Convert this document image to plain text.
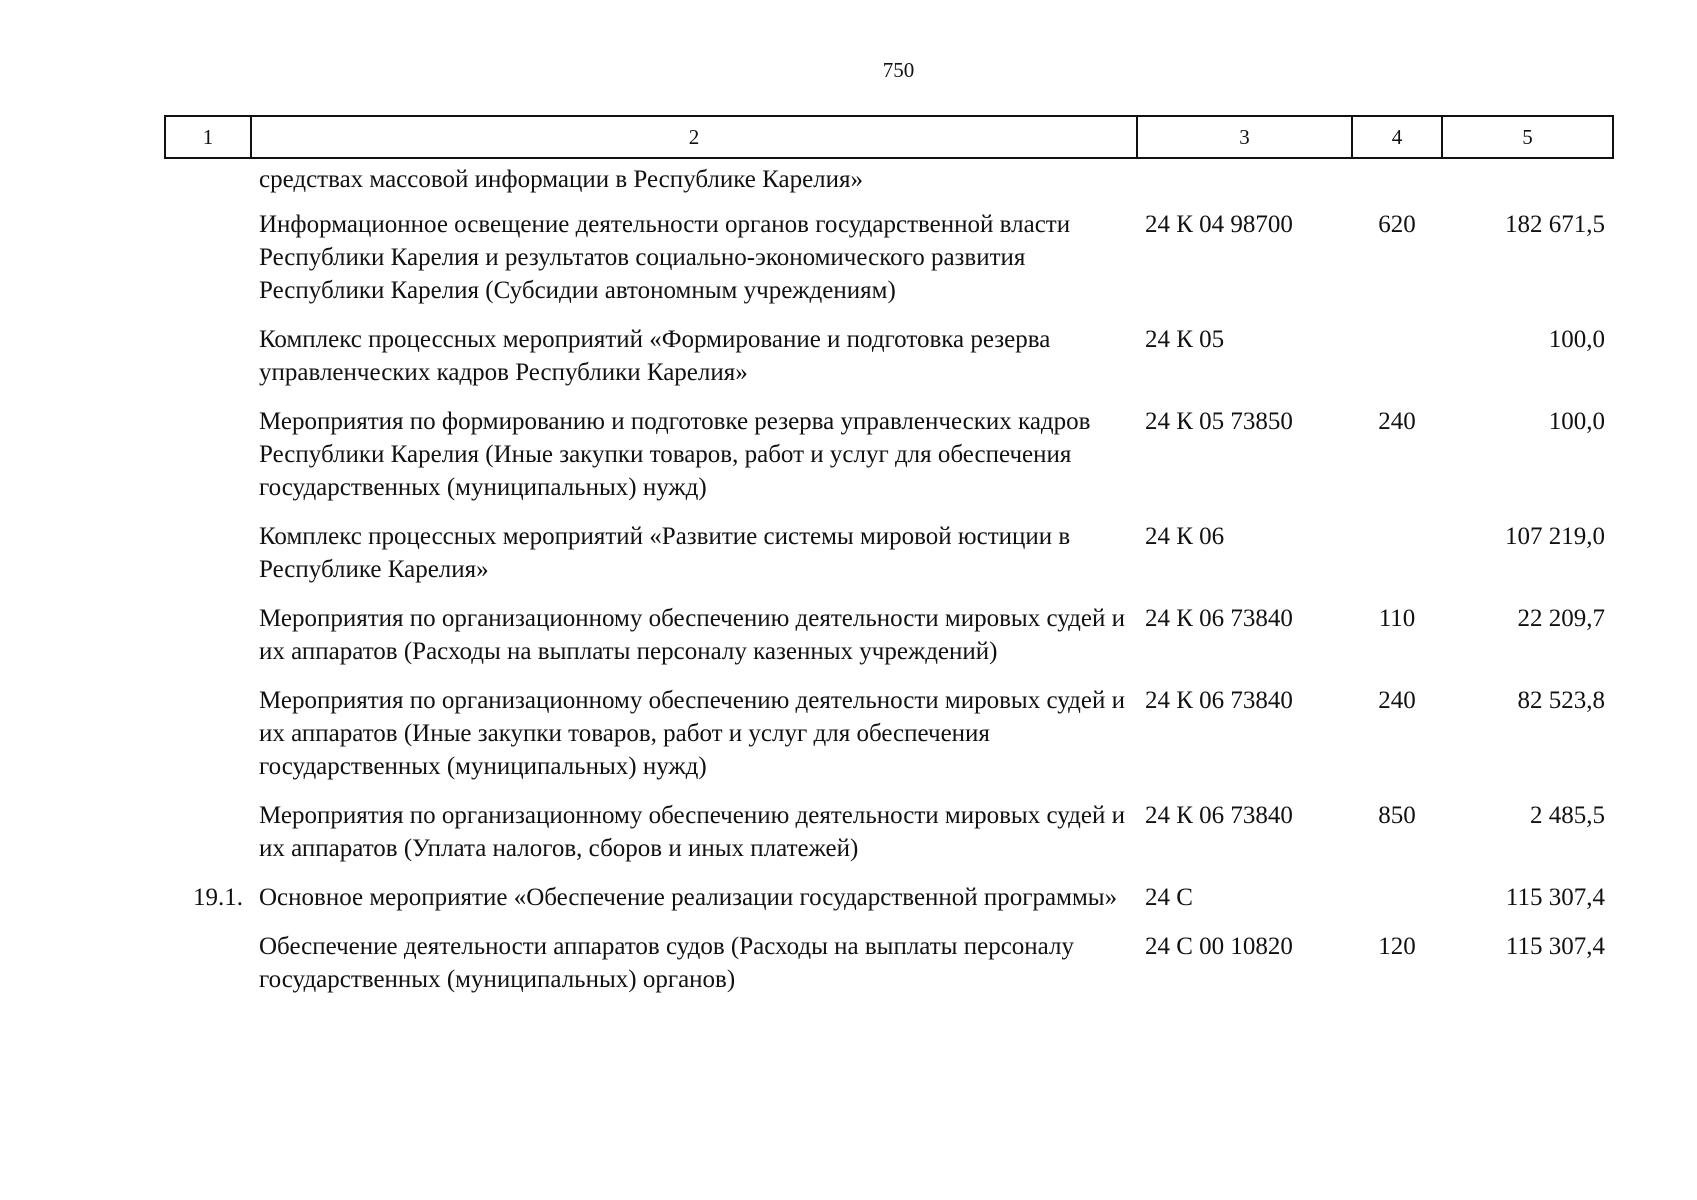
750
1	2	3	4	5
	средствах массовой информации в Республике Карелия»			
	Информационное освещение деятельности органов государственной власти Республики Карелия и результатов социально-экономического развития Республики Карелия (Субсидии автономным учреждениям)	24 К 04 98700	620	182 671,5
	Комплекс процессных мероприятий «Формирование и подготовка резерва управленческих кадров Республики Карелия»	24 К 05		100,0
	Мероприятия по формированию и подготовке резерва управленческих кадров Республики Карелия (Иные закупки товаров, работ и услуг для обеспечения государственных (муниципальных) нужд)	24 К 05 73850	240	100,0
	Комплекс процессных мероприятий «Развитие системы мировой юстиции в Республике Карелия»	24 К 06		107 219,0
	Мероприятия по организационному обеспечению деятельности мировых судей и их аппаратов (Расходы на выплаты персоналу казенных учреждений)	24 К 06 73840	110	22 209,7
	Мероприятия по организационному обеспечению деятельности мировых судей и их аппаратов (Иные закупки товаров, работ и услуг для обеспечения государственных (муниципальных) нужд)	24 К 06 73840	240	82 523,8
	Мероприятия по организационному обеспечению деятельности мировых судей и их аппаратов (Уплата налогов, сборов и иных платежей)	24 К 06 73840	850	2 485,5
19.1.	Основное мероприятие «Обеспечение реализации государственной программы»	24 С		115 307,4
	Обеспечение деятельности аппаратов судов (Расходы на выплаты персоналу государственных (муниципальных) органов)	24 С 00 10820	120	115 307,4
